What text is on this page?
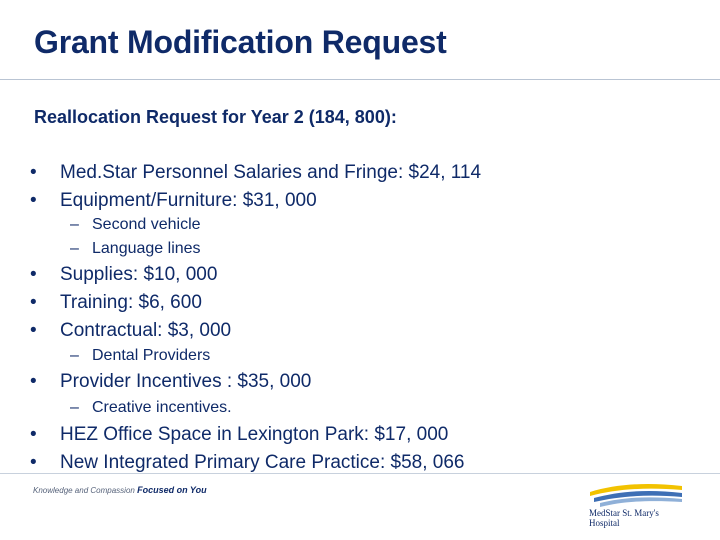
Grant Modification Request
Reallocation Request for Year 2 (184, 800):
• Med.Star Personnel Salaries and Fringe: $24, 114
• Equipment/Furniture: $31, 000
– Second vehicle
– Language lines
• Supplies: $10, 000
• Training: $6, 600
• Contractual: $3, 000
– Dental Providers
• Provider Incentives : $35, 000
– Creative incentives.
• HEZ Office Space in Lexington Park: $17, 000
• New Integrated Primary Care Practice: $58, 066
Knowledge and Compassion Focused on You
MedStar St. Mary's
Hospital
